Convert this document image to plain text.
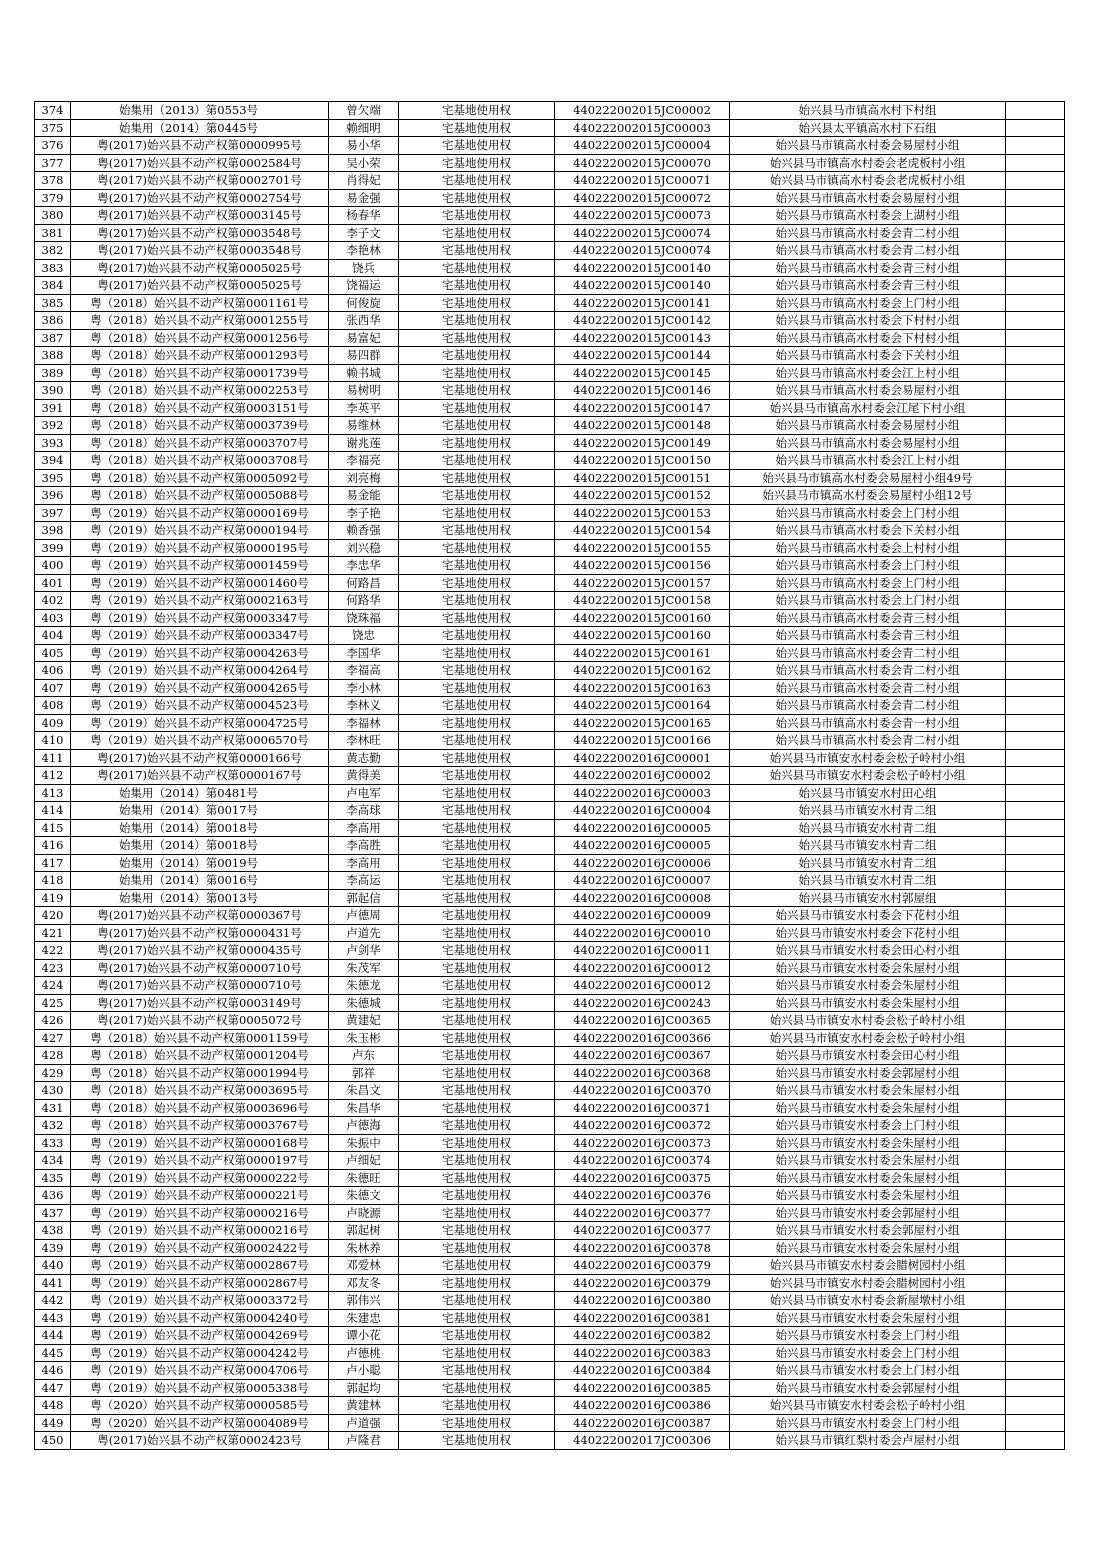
374	始集用（2013）第0553号	曾欠端	宅基地使用权	440222002015JC00002	始兴县马市镇高水村下村组	
375	始集用（2014）第0445号	赖细明	宅基地使用权	440222002015JC00003	始兴县太平镇高水村下石组	
376	粤(2017)始兴县不动产权第0000995号	易小华	宅基地使用权	440222002015JC00004	始兴县马市镇高水村委会易屋村小组	
377	粤(2017)始兴县不动产权第0002584号	吴小荣	宅基地使用权	440222002015JC00070	始兴县马市镇高水村委会老虎板村小组	
378	粤(2017)始兴县不动产权第0002701号	肖得妃	宅基地使用权	440222002015JC00071	始兴县马市镇高水村委会老虎板村小组	
379	粤(2017)始兴县不动产权第0002754号	易金强	宅基地使用权	440222002015JC00072	始兴县马市镇高水村委会易屋村小组	
380	粤(2017)始兴县不动产权第0003145号	杨春华	宅基地使用权	440222002015JC00073	始兴县马市镇高水村委会上湖村小组	
381	粤(2017)始兴县不动产权第0003548号	李子文	宅基地使用权	440222002015JC00074	始兴县马市镇高水村委会青二村小组	
382	粤(2017)始兴县不动产权第0003548号	李艳林	宅基地使用权	440222002015JC00074	始兴县马市镇高水村委会青二村小组	
383	粤(2017)始兴县不动产权第0005025号	饶兵	宅基地使用权	440222002015JC00140	始兴县马市镇高水村委会青三村小组	
384	粤(2017)始兴县不动产权第0005025号	饶福运	宅基地使用权	440222002015JC00140	始兴县马市镇高水村委会青三村小组	
385	粤（2018）始兴县不动产权第0001161号	何俊旋	宅基地使用权	440222002015JC00141	始兴县马市镇高水村委会上门村小组	
386	粤（2018）始兴县不动产权第0001255号	张西华	宅基地使用权	440222002015JC00142	始兴县马市镇高水村委会下村村小组	
387	粤（2018）始兴县不动产权第0001256号	易富妃	宅基地使用权	440222002015JC00143	始兴县马市镇高水村委会下村村小组	
388	粤（2018）始兴县不动产权第0001293号	易四群	宅基地使用权	440222002015JC00144	始兴县马市镇高水村委会下关村小组	
389	粤（2018）始兴县不动产权第0001739号	赖书城	宅基地使用权	440222002015JC00145	始兴县马市镇高水村委会江上村小组	
390	粤（2018）始兴县不动产权第0002253号	易树明	宅基地使用权	440222002015JC00146	始兴县马市镇高水村委会易屋村小组	
391	粤（2018）始兴县不动产权第0003151号	李英平	宅基地使用权	440222002015JC00147	始兴县马市镇高水村委会江尾下村小组	
392	粤（2018）始兴县不动产权第0003739号	易维林	宅基地使用权	440222002015JC00148	始兴县马市镇高水村委会易屋村小组	
393	粤（2018）始兴县不动产权第0003707号	谢兆莲	宅基地使用权	440222002015JC00149	始兴县马市镇高水村委会易屋村小组	
394	粤（2018）始兴县不动产权第0003708号	李福亮	宅基地使用权	440222002015JC00150	始兴县马市镇高水村委会江上村小组	
395	粤（2018）始兴县不动产权第0005092号	刘亮梅	宅基地使用权	440222002015JC00151	始兴县马市镇高水村委会易屋村小组49号	
396	粤（2018）始兴县不动产权第0005088号	易金能	宅基地使用权	440222002015JC00152	始兴县马市镇高水村委会易屋村小组12号	
397	粤（2019）始兴县不动产权第0000169号	李子艳	宅基地使用权	440222002015JC00153	始兴县马市镇高水村委会上门村小组	
398	粤（2019）始兴县不动产权第0000194号	赖香强	宅基地使用权	440222002015JC00154	始兴县马市镇高水村委会下关村小组	
399	粤（2019）始兴县不动产权第0000195号	刘兴稳	宅基地使用权	440222002015JC00155	始兴县马市镇高水村委会上村村小组	
400	粤（2019）始兴县不动产权第0001459号	李忠华	宅基地使用权	440222002015JC00156	始兴县马市镇高水村委会上门村小组	
401	粤（2019）始兴县不动产权第0001460号	何路昌	宅基地使用权	440222002015JC00157	始兴县马市镇高水村委会上门村小组	
402	粤（2019）始兴县不动产权第0002163号	何路华	宅基地使用权	440222002015JC00158	始兴县马市镇高水村委会上门村小组	
403	粤（2019）始兴县不动产权第0003347号	饶珠福	宅基地使用权	440222002015JC00160	始兴县马市镇高水村委会青三村小组	
404	粤（2019）始兴县不动产权第0003347号	饶忠	宅基地使用权	440222002015JC00160	始兴县马市镇高水村委会青三村小组	
405	粤（2019）始兴县不动产权第0004263号	李国华	宅基地使用权	440222002015JC00161	始兴县马市镇高水村委会青二村小组	
406	粤（2019）始兴县不动产权第0004264号	李福高	宅基地使用权	440222002015JC00162	始兴县马市镇高水村委会青二村小组	
407	粤（2019）始兴县不动产权第0004265号	李小林	宅基地使用权	440222002015JC00163	始兴县马市镇高水村委会青二村小组	
408	粤（2019）始兴县不动产权第0004523号	李林义	宅基地使用权	440222002015JC00164	始兴县马市镇高水村委会青二村小组	
409	粤（2019）始兴县不动产权第0004725号	李福林	宅基地使用权	440222002015JC00165	始兴县马市镇高水村委会青一村小组	
410	粤（2019）始兴县不动产权第0006570号	李林旺	宅基地使用权	440222002015JC00166	始兴县马市镇高水村委会青二村小组	
411	粤(2017)始兴县不动产权第0000166号	黄志勤	宅基地使用权	440222002016JC00001	始兴县马市镇安水村委会松子岭村小组	
412	粤(2017)始兴县不动产权第0000167号	黄得美	宅基地使用权	440222002016JC00002	始兴县马市镇安水村委会松子岭村小组	
413	始集用（2014）第0481号	卢电军	宅基地使用权	440222002016JC00003	始兴县马市镇安水村田心组	
414	始集用（2014）第0017号	李高球	宅基地使用权	440222002016JC00004	始兴县马市镇安水村青二组	
415	始集用（2014）第0018号	李高用	宅基地使用权	440222002016JC00005	始兴县马市镇安水村青二组	
416	始集用（2014）第0018号	李高胜	宅基地使用权	440222002016JC00005	始兴县马市镇安水村青二组	
417	始集用（2014）第0019号	李高用	宅基地使用权	440222002016JC00006	始兴县马市镇安水村青二组	
418	始集用（2014）第0016号	李高运	宅基地使用权	440222002016JC00007	始兴县马市镇安水村青二组	
419	始集用（2014）第0013号	郭起信	宅基地使用权	440222002016JC00008	始兴县马市镇安水村郭屋组	
420	粤(2017)始兴县不动产权第0000367号	卢德周	宅基地使用权	440222002016JC00009	始兴县马市镇安水村委会下花村小组	
421	粤(2017)始兴县不动产权第0000431号	卢道先	宅基地使用权	440222002016JC00010	始兴县马市镇安水村委会下花村小组	
422	粤(2017)始兴县不动产权第0000435号	卢剑华	宅基地使用权	440222002016JC00011	始兴县马市镇安水村委会田心村小组	
423	粤(2017)始兴县不动产权第0000710号	朱茂军	宅基地使用权	440222002016JC00012	始兴县马市镇安水村委会朱屋村小组	
424	粤(2017)始兴县不动产权第0000710号	朱德龙	宅基地使用权	440222002016JC00012	始兴县马市镇安水村委会朱屋村小组	
425	粤(2017)始兴县不动产权第0003149号	朱德城	宅基地使用权	440222002016JC00243	始兴县马市镇安水村委会朱屋村小组	
426	粤(2017)始兴县不动产权第0005072号	黄建妃	宅基地使用权	440222002016JC00365	始兴县马市镇安水村委会松子岭村小组	
427	粤（2018）始兴县不动产权第0001159号	朱玉彬	宅基地使用权	440222002016JC00366	始兴县马市镇安水村委会松子岭村小组	
428	粤（2018）始兴县不动产权第0001204号	卢东	宅基地使用权	440222002016JC00367	始兴县马市镇安水村委会田心村小组	
429	粤（2018）始兴县不动产权第0001994号	郭祥	宅基地使用权	440222002016JC00368	始兴县马市镇安水村委会郭屋村小组	
430	粤（2018）始兴县不动产权第0003695号	朱昌文	宅基地使用权	440222002016JC00370	始兴县马市镇安水村委会朱屋村小组	
431	粤（2018）始兴县不动产权第0003696号	朱昌华	宅基地使用权	440222002016JC00371	始兴县马市镇安水村委会朱屋村小组	
432	粤（2018）始兴县不动产权第0003767号	卢德海	宅基地使用权	440222002016JC00372	始兴县马市镇安水村委会上门村小组	
433	粤（2019）始兴县不动产权第0000168号	朱振中	宅基地使用权	440222002016JC00373	始兴县马市镇安水村委会朱屋村小组	
434	粤（2019）始兴县不动产权第0000197号	卢细妃	宅基地使用权	440222002016JC00374	始兴县马市镇安水村委会朱屋村小组	
435	粤（2019）始兴县不动产权第0000222号	朱德旺	宅基地使用权	440222002016JC00375	始兴县马市镇安水村委会朱屋村小组	
436	粤（2019）始兴县不动产权第0000221号	朱德文	宅基地使用权	440222002016JC00376	始兴县马市镇安水村委会朱屋村小组	
437	粤（2019）始兴县不动产权第0000216号	卢晓源	宅基地使用权	440222002016JC00377	始兴县马市镇安水村委会郭屋村小组	
438	粤（2019）始兴县不动产权第0000216号	郭起树	宅基地使用权	440222002016JC00377	始兴县马市镇安水村委会郭屋村小组	
439	粤（2019）始兴县不动产权第0002422号	朱林养	宅基地使用权	440222002016JC00378	始兴县马市镇安水村委会朱屋村小组	
440	粤（2019）始兴县不动产权第0002867号	邓爱林	宅基地使用权	440222002016JC00379	始兴县马市镇安水村委会腊树园村小组	
441	粤（2019）始兴县不动产权第0002867号	邓友冬	宅基地使用权	440222002016JC00379	始兴县马市镇安水村委会腊树园村小组	
442	粤（2019）始兴县不动产权第0003372号	郭伟兴	宅基地使用权	440222002016JC00380	始兴县马市镇安水村委会新屋墩村小组	
443	粤（2019）始兴县不动产权第0004240号	朱建忠	宅基地使用权	440222002016JC00381	始兴县马市镇安水村委会朱屋村小组	
444	粤（2019）始兴县不动产权第0004269号	谭小花	宅基地使用权	440222002016JC00382	始兴县马市镇安水村委会上门村小组	
445	粤（2019）始兴县不动产权第0004242号	卢德桃	宅基地使用权	440222002016JC00383	始兴县马市镇安水村委会上门村小组	
446	粤（2019）始兴县不动产权第0004706号	卢小聪	宅基地使用权	440222002016JC00384	始兴县马市镇安水村委会上门村小组	
447	粤（2019）始兴县不动产权第0005338号	郭起均	宅基地使用权	440222002016JC00385	始兴县马市镇安水村委会郭屋村小组	
448	粤（2020）始兴县不动产权第0000585号	黄建林	宅基地使用权	440222002016JC00386	始兴县马市镇安水村委会松子岭村小组	
449	粤（2020）始兴县不动产权第0004089号	卢道强	宅基地使用权	440222002016JC00387	始兴县马市镇安水村委会上门村小组	
450	粤(2017)始兴县不动产权第0002423号	卢隆君	宅基地使用权	440222002017JC00306	始兴县马市镇红梨村委会卢屋村小组	
